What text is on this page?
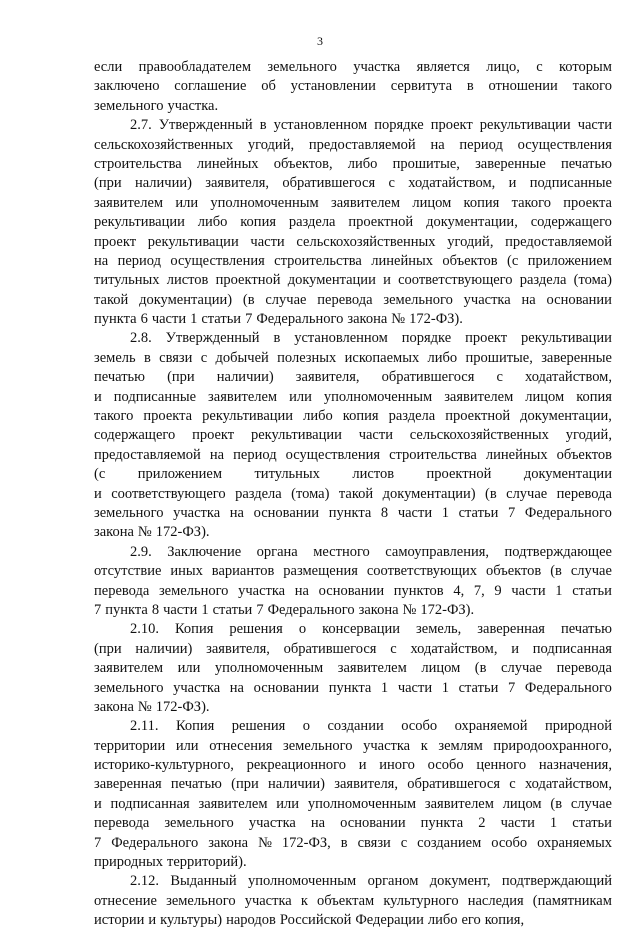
3
если правообладателем земельного участка является лицо, с которым
заключено соглашение об установлении сервитута в отношении такого
земельного участка.
2.7. Утвержденный в установленном порядке проект рекультивации части
сельскохозяйственных угодий, предоставляемой на период осуществления
строительства линейных объектов, либо прошитые, заверенные печатью
(при наличии) заявителя, обратившегося с ходатайством, и подписанные
заявителем или уполномоченным заявителем лицом копия такого проекта
рекультивации либо копия раздела проектной документации, содержащего
проект рекультивации части сельскохозяйственных угодий, предоставляемой
на период осуществления строительства линейных объектов (с приложением
титульных листов проектной документации и соответствующего раздела (тома)
такой документации) (в случае перевода земельного участка на основании
пункта 6 части 1 статьи 7 Федерального закона № 172-ФЗ).
2.8. Утвержденный в установленном порядке проект рекультивации
земель в связи с добычей полезных ископаемых либо прошитые, заверенные
печатью (при наличии) заявителя, обратившегося с ходатайством,
и подписанные заявителем или уполномоченным заявителем лицом копия
такого проекта рекультивации либо копия раздела проектной документации,
содержащего проект рекультивации части сельскохозяйственных угодий,
предоставляемой на период осуществления строительства линейных объектов
(с приложением титульных листов проектной документации
и соответствующего раздела (тома) такой документации) (в случае перевода
земельного участка на основании пункта 8 части 1 статьи 7 Федерального
закона № 172-ФЗ).
2.9. Заключение органа местного самоуправления, подтверждающее
отсутствие иных вариантов размещения соответствующих объектов (в случае
перевода земельного участка на основании пунктов 4, 7, 9 части 1 статьи
7 пункта 8 части 1 статьи 7 Федерального закона № 172-ФЗ).
2.10. Копия решения о консервации земель, заверенная печатью
(при наличии) заявителя, обратившегося с ходатайством, и подписанная
заявителем или уполномоченным заявителем лицом (в случае перевода
земельного участка на основании пункта 1 части 1 статьи 7 Федерального
закона № 172-ФЗ).
2.11. Копия решения о создании особо охраняемой природной
территории или отнесения земельного участка к землям природоохранного,
историко-культурного, рекреационного и иного особо ценного назначения,
заверенная печатью (при наличии) заявителя, обратившегося с ходатайством,
и подписанная заявителем или уполномоченным заявителем лицом (в случае
перевода земельного участка на основании пункта 2 части 1 статьи
7 Федерального закона № 172-ФЗ, в связи с созданием особо охраняемых
природных территорий).
2.12. Выданный уполномоченным органом документ, подтверждающий
отнесение земельного участка к объектам культурного наследия (памятникам
истории и культуры) народов Российской Федерации либо его копия,
